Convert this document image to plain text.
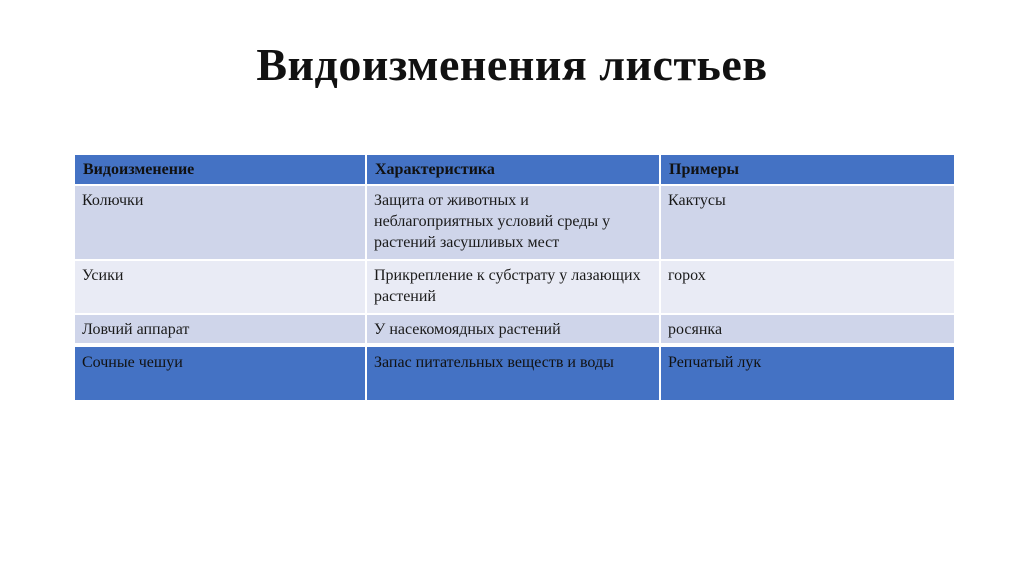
Видоизменения листьев
Видоизменение	Характеристика	Примеры
Колючки	Защита от животных и неблагоприятных условий среды у растений засушливых мест	Кактусы
Усики	Прикрепление к субстрату у лазающих растений	горох
Ловчий аппарат	У насекомоядных растений	росянка
Сочные чешуи	Запас питательных веществ и воды	Репчатый лук
